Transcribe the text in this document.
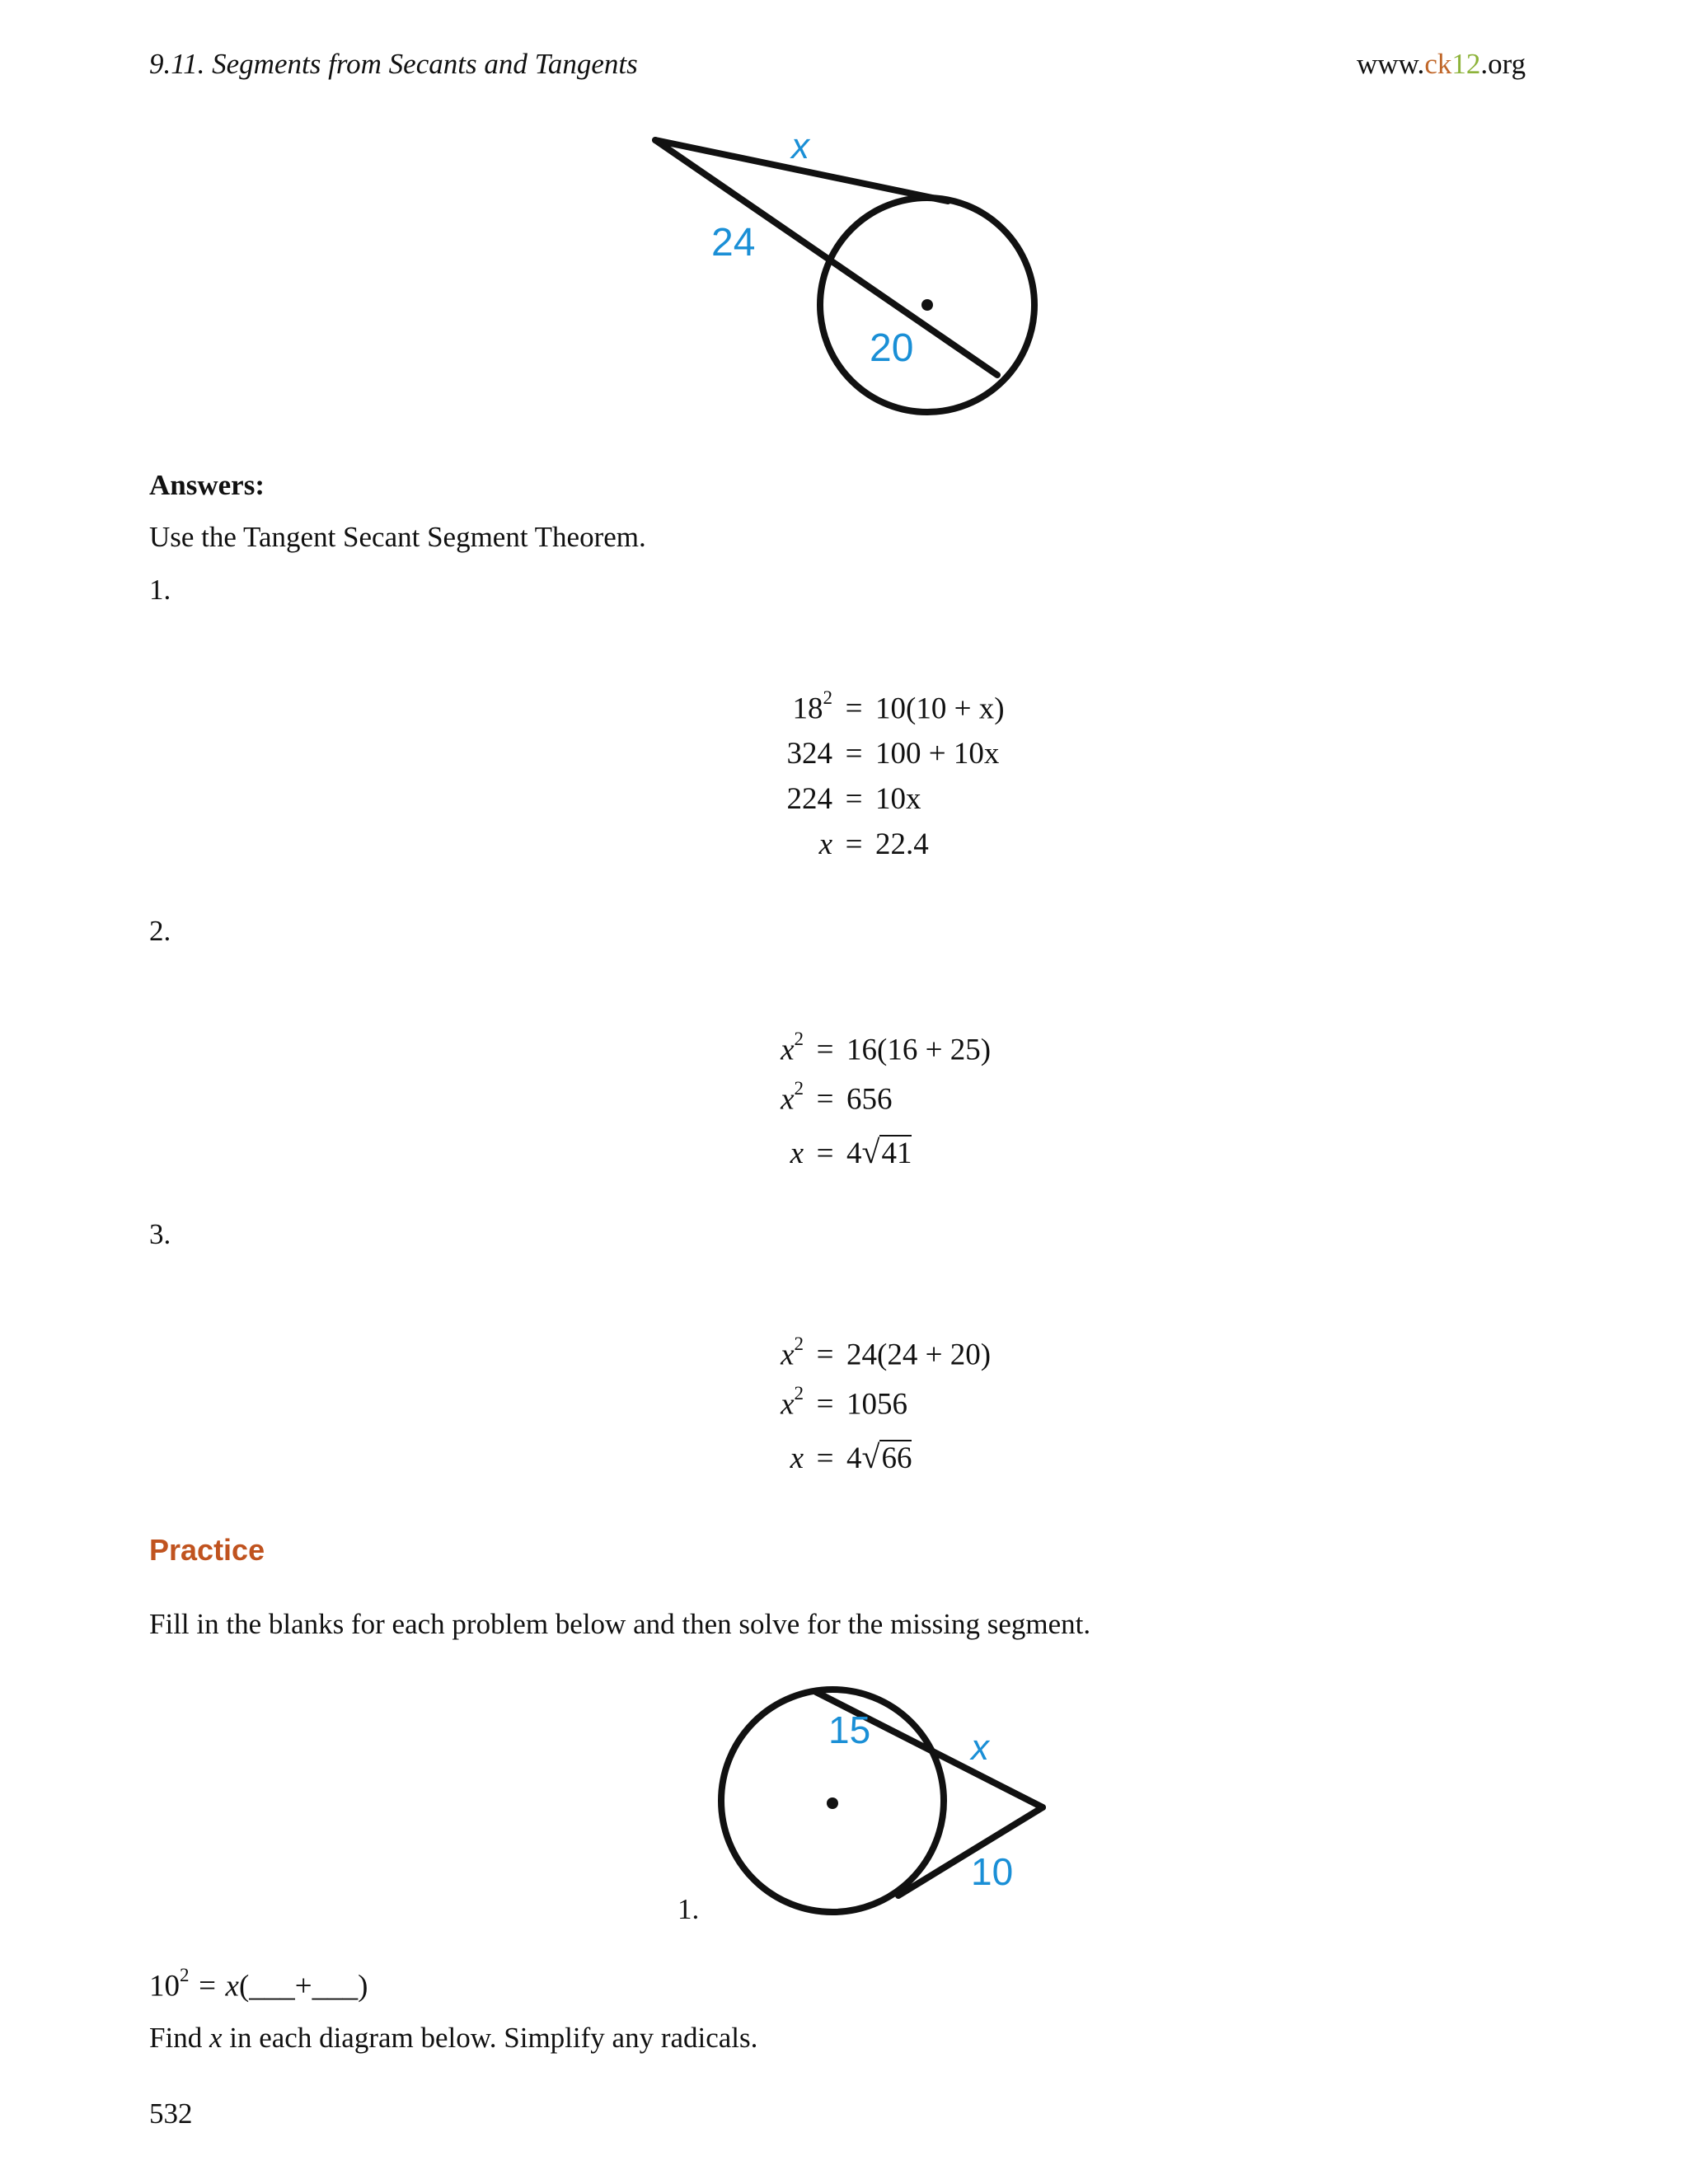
9.11. Segments from Secants and Tangents	www.ck12.org
x
24
20
Answers:
Use the Tangent Secant Segment Theorem.
1.
$18^2 = 10(10 + x)$
324 = 100 + 10x
224 = 10x
x = 22.4
2.
$x^2 = 16(16 + 25)$
$x^2 = 656$
x = 4√41
3.
$x^2 = 24(24 + 20)$
$x^2 = 1056$
x = 4√66
Practice
Fill in the blanks for each problem below and then solve for the missing segment.
15	x
10
1.
$10^2$ = x(___+___)
Find x in each diagram below. Simplify any radicals.
532
